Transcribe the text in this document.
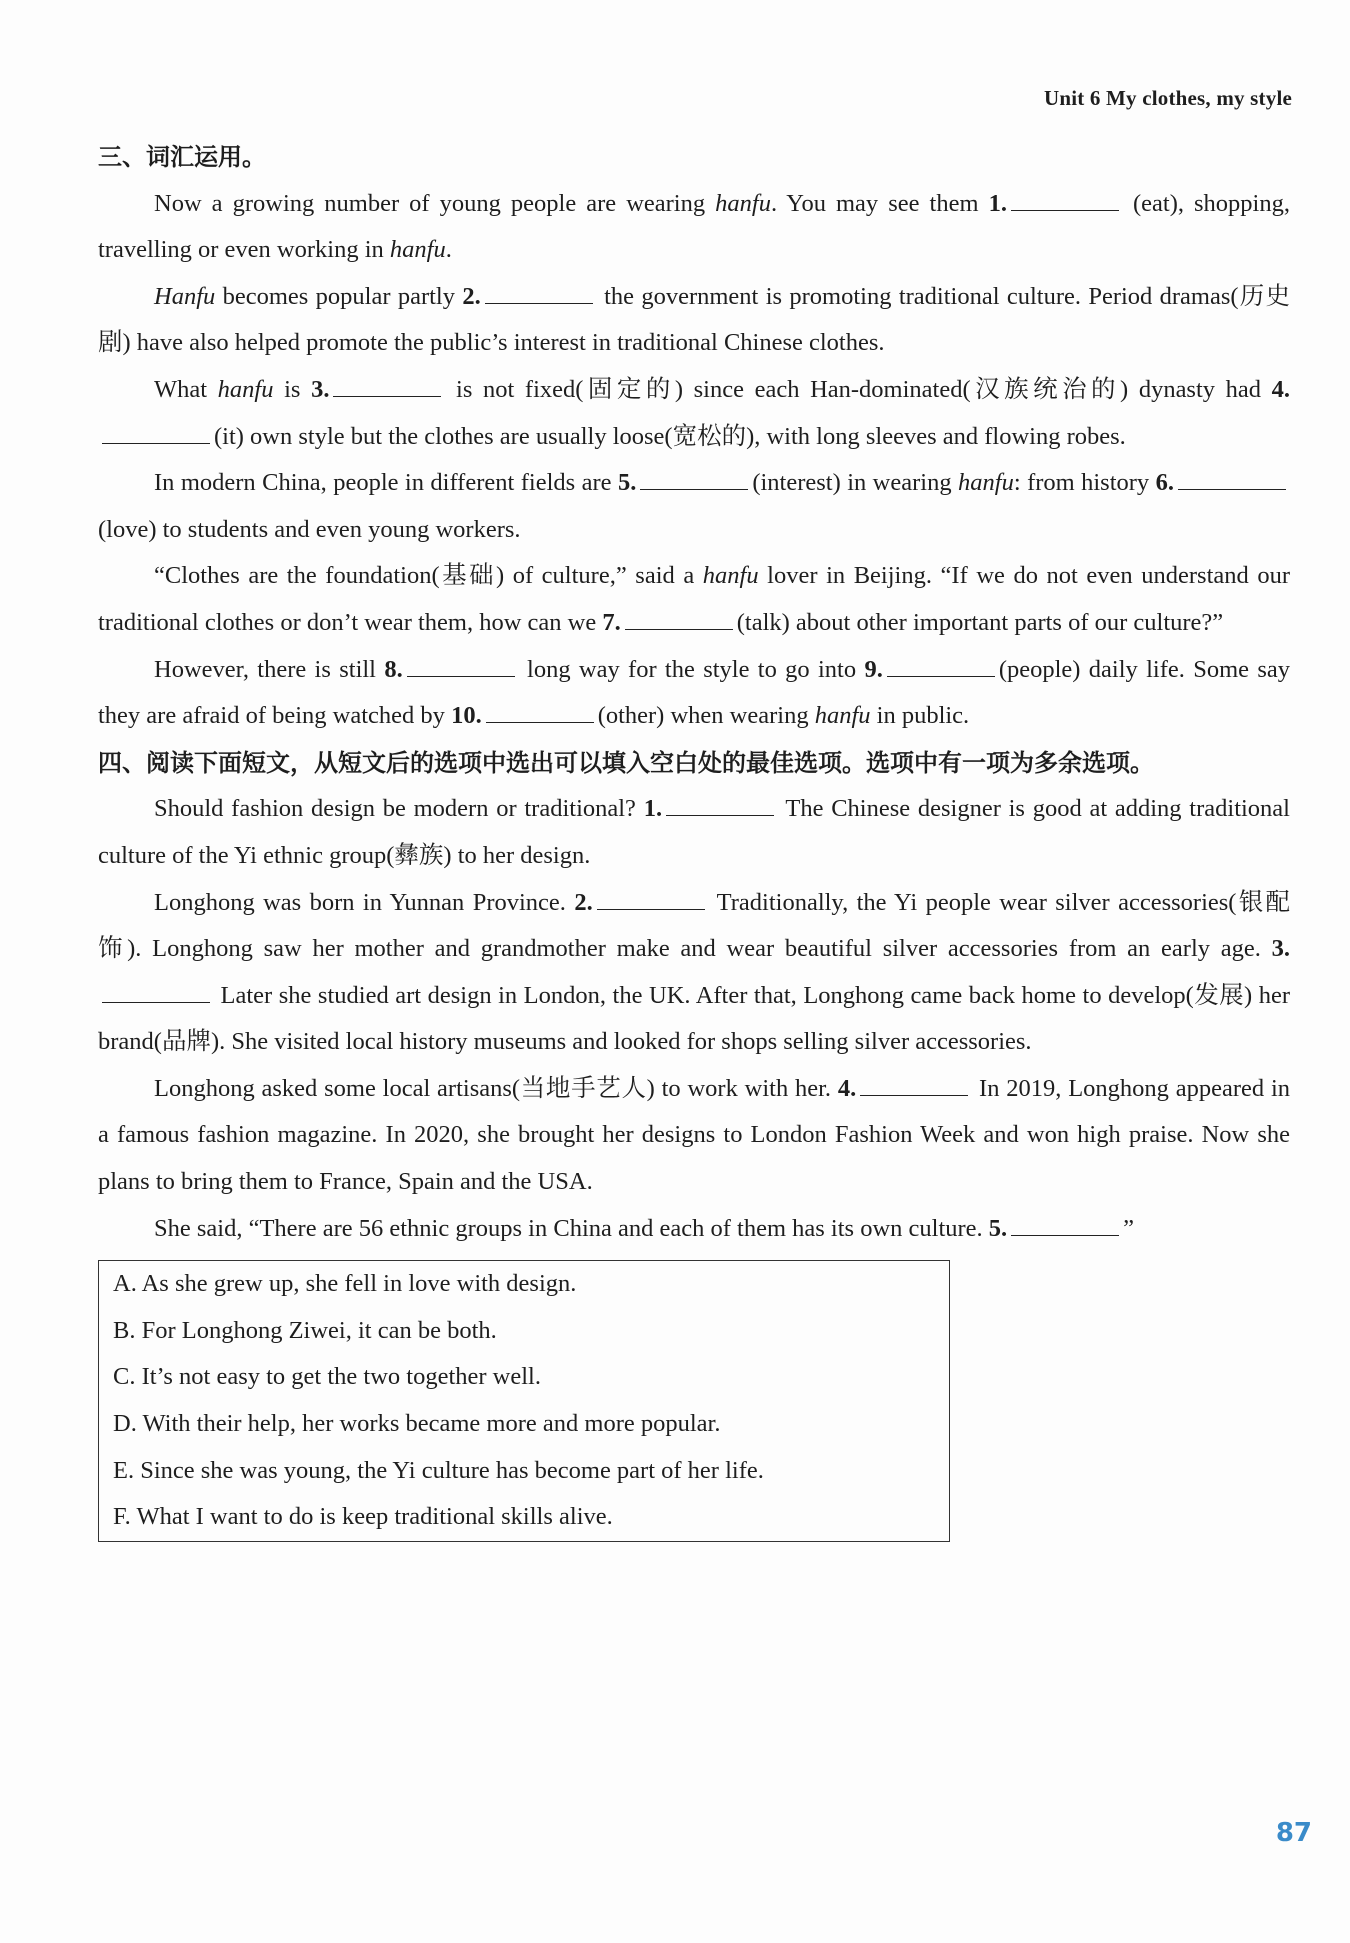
Unit 6 My clothes, my style
三、词汇运用。

Now a growing number of young people are wearing hanfu. You may see them 1.	(eat), shopping, travelling or even working in hanfu.

Hanfu becomes popular partly 2.	the government is promoting traditional culture. Period dramas(历史剧) have also helped promote the public’s interest in traditional Chinese clothes.

What hanfu is 3.	is not fixed(固定的) since each Han-dominated(汉族统治的) dynasty had 4.(it) own style but the clothes are usually loose(宽松的), with long sleeves and flowing robes.

In modern China, people in different fields are 5.	(interest) in wearing hanfu: from history 6.(love) to students and even young workers.

“Clothes are the foundation(基础) of culture,” said a hanfu lover in Beijing. “If we do not even understand our traditional clothes or don’t wear them, how can we 7.	(talk) about other important parts of our culture?”

However, there is still 8.	long way for the style to go into 9.	(people) daily life. Some say they are afraid of being watched by 10.	(other) when wearing hanfu in public.

四、阅读下面短文，从短文后的选项中选出可以填入空白处的最佳选项。选项中有一项为多余选项。

Should fashion design be modern or traditional? 1.	The Chinese designer is good at adding traditional culture of the Yi ethnic group(彝族) to her design.

Longhong was born in Yunnan Province. 2.	Traditionally, the Yi people wear silver accessories(银配饰). Longhong saw her mother and grandmother make and wear beautiful silver accessories from an early age. 3. Later she studied art design in London, the UK. After that, Longhong came back home to develop(发展) her brand(品牌). She visited local history museums and looked for shops selling silver accessories.

Longhong asked some local artisans(当地手艺人) to work with her. 4.	In 2019, Longhong appeared in a famous fashion magazine. In 2020, she brought her designs to London Fashion Week and won high praise. Now she plans to bring them to France, Spain and the USA.

She said, “There are 56 ethnic groups in China and each of them has its own culture. 5.	”

A. As she grew up, she fell in love with design.
B. For Longhong Ziwei, it can be both.
C. It’s not easy to get the two together well.
D. With their help, her works became more and more popular.
E. Since she was young, the Yi culture has become part of her life.
F. What I want to do is keep traditional skills alive.
87
